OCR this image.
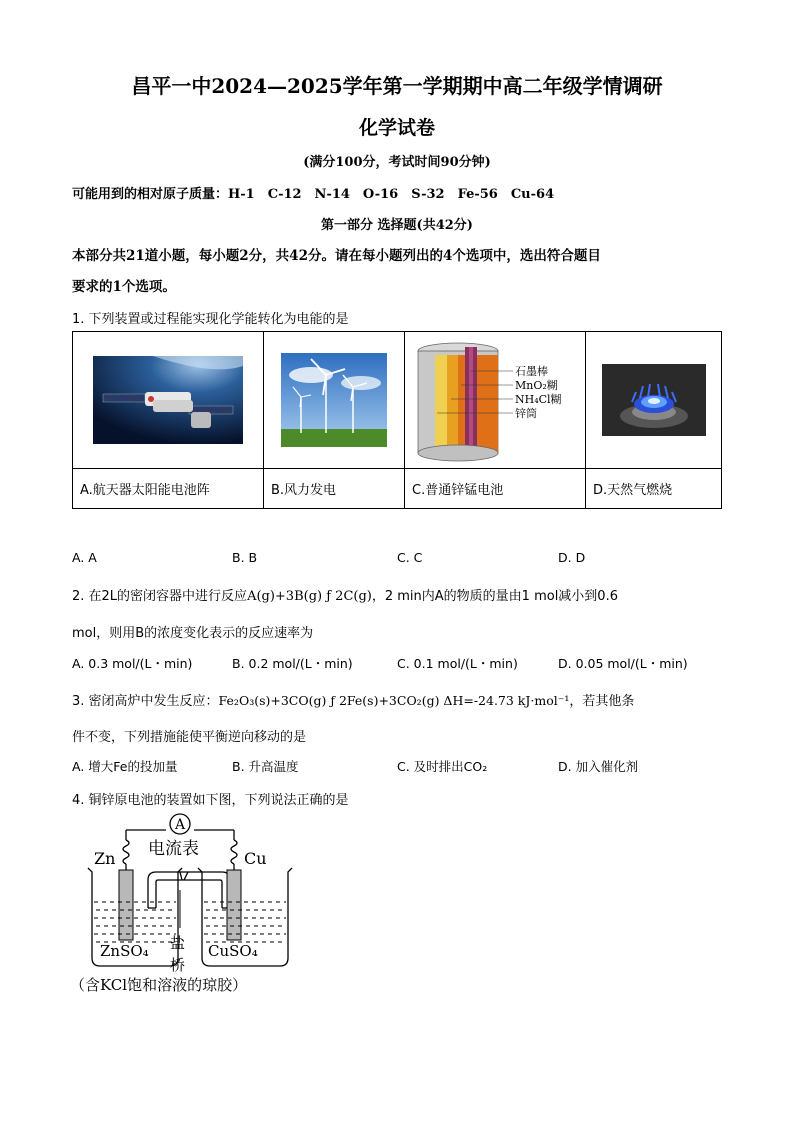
昌平一中2024—2025学年第一学期期中高二年级学情调研
化学试卷
(满分100分，考试时间90分钟)
可能用到的相对原子质量：H-1　C-12　N-14　O-16　S-32　Fe-56　Cu-64
第一部分 选择题(共42分)
本部分共21道小题，每小题2分，共42分。请在每小题列出的4个选项中，选出符合题目
要求的1个选项。
1. 下列装置或过程能实现化学能转化为电能的是

石墨棒
MnO₂糊
NH₄Cl糊
锌筒

A.航天器太阳能电池阵	B.风力发电	C.普通锌锰电池	D.天然气燃烧
A. A	B. B	C. C	D. D
2. 在2L的密闭容器中进行反应A(g)+3B(g) ƒ 2C(g)，2 min内A的物质的量由1 mol减小到0.6
mol，则用B的浓度变化表示的反应速率为
A. 0.3 mol/(L・min)	B. 0.2 mol/(L・min)	C. 0.1 mol/(L・min)	D. 0.05 mol/(L・min)
3. 密闭高炉中发生反应：Fe₂O₃(s)+3CO(g) ƒ 2Fe(s)+3CO₂(g) ΔH=-24.73 kJ·mol⁻¹，若其他条
件不变，下列措施能使平衡逆向移动的是
A. 增大Fe的投加量	B. 升高温度	C. 及时排出CO₂	D. 加入催化剂
4. 铜锌原电池的装置如下图，下列说法正确的是
A
电流表
Zn	Cu
ZnSO₄	CuSO₄
盐
桥
（含KCl饱和溶液的琼胶）
